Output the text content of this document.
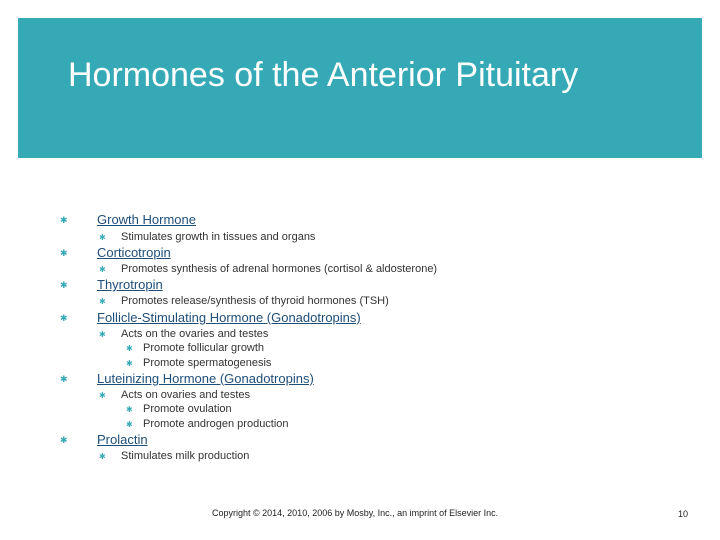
Hormones of the Anterior Pituitary
✱ Growth Hormone
✱ Stimulates growth in tissues and organs
✱ Corticotropin
✱ Promotes synthesis of adrenal hormones (cortisol & aldosterone)
✱ Thyrotropin
✱ Promotes release/synthesis of thyroid hormones (TSH)
✱ Follicle-Stimulating Hormone (Gonadotropins)
✱ Acts on the ovaries and testes
✱ Promote follicular growth
✱ Promote spermatogenesis
✱ Luteinizing Hormone (Gonadotropins)
✱ Acts on ovaries and testes
✱ Promote ovulation
✱ Promote androgen production
✱ Prolactin
✱ Stimulates milk production
Copyright © 2014, 2010, 2006 by Mosby, Inc., an imprint of Elsevier Inc.	10
